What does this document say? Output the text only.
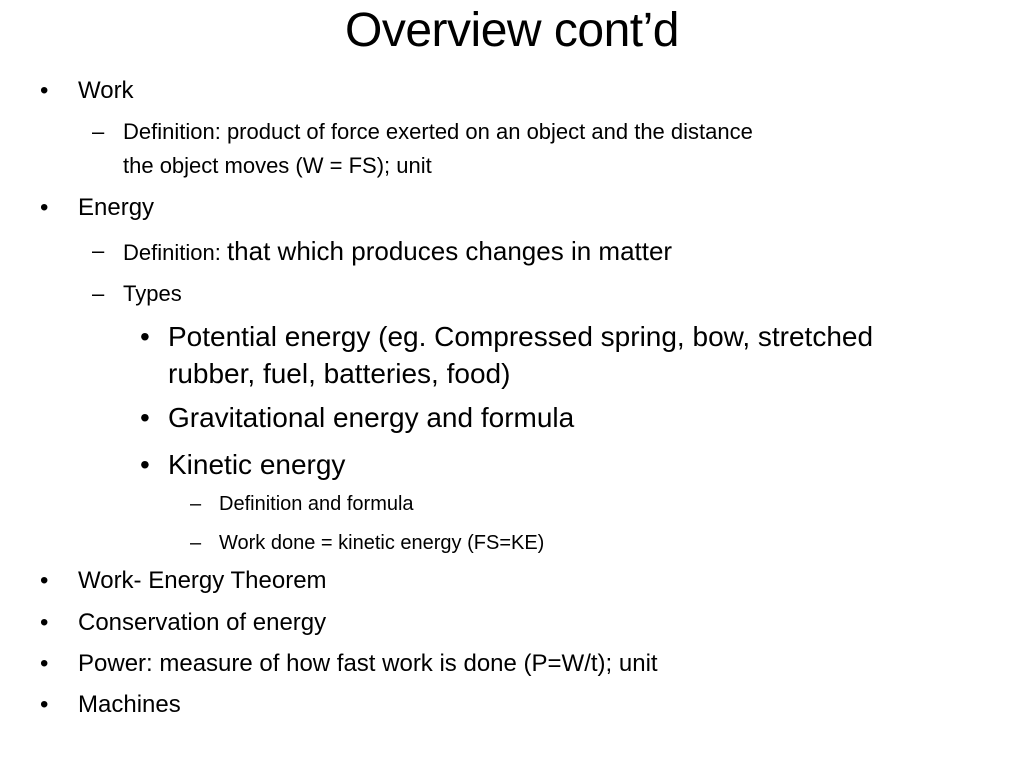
Overview cont’d
• Work
– Definition: product of force exerted on an object and the distance
the object moves (W = FS); unit
• Energy
– Definition: that which produces changes in matter
– Types
• Potential energy (eg. Compressed spring, bow, stretched
rubber, fuel, batteries, food)
• Gravitational energy and formula
• Kinetic energy
– Definition and formula
– Work done = kinetic energy (FS=KE)
• Work- Energy Theorem
• Conservation of energy
• Power: measure of how fast work is done (P=W/t); unit
• Machines
